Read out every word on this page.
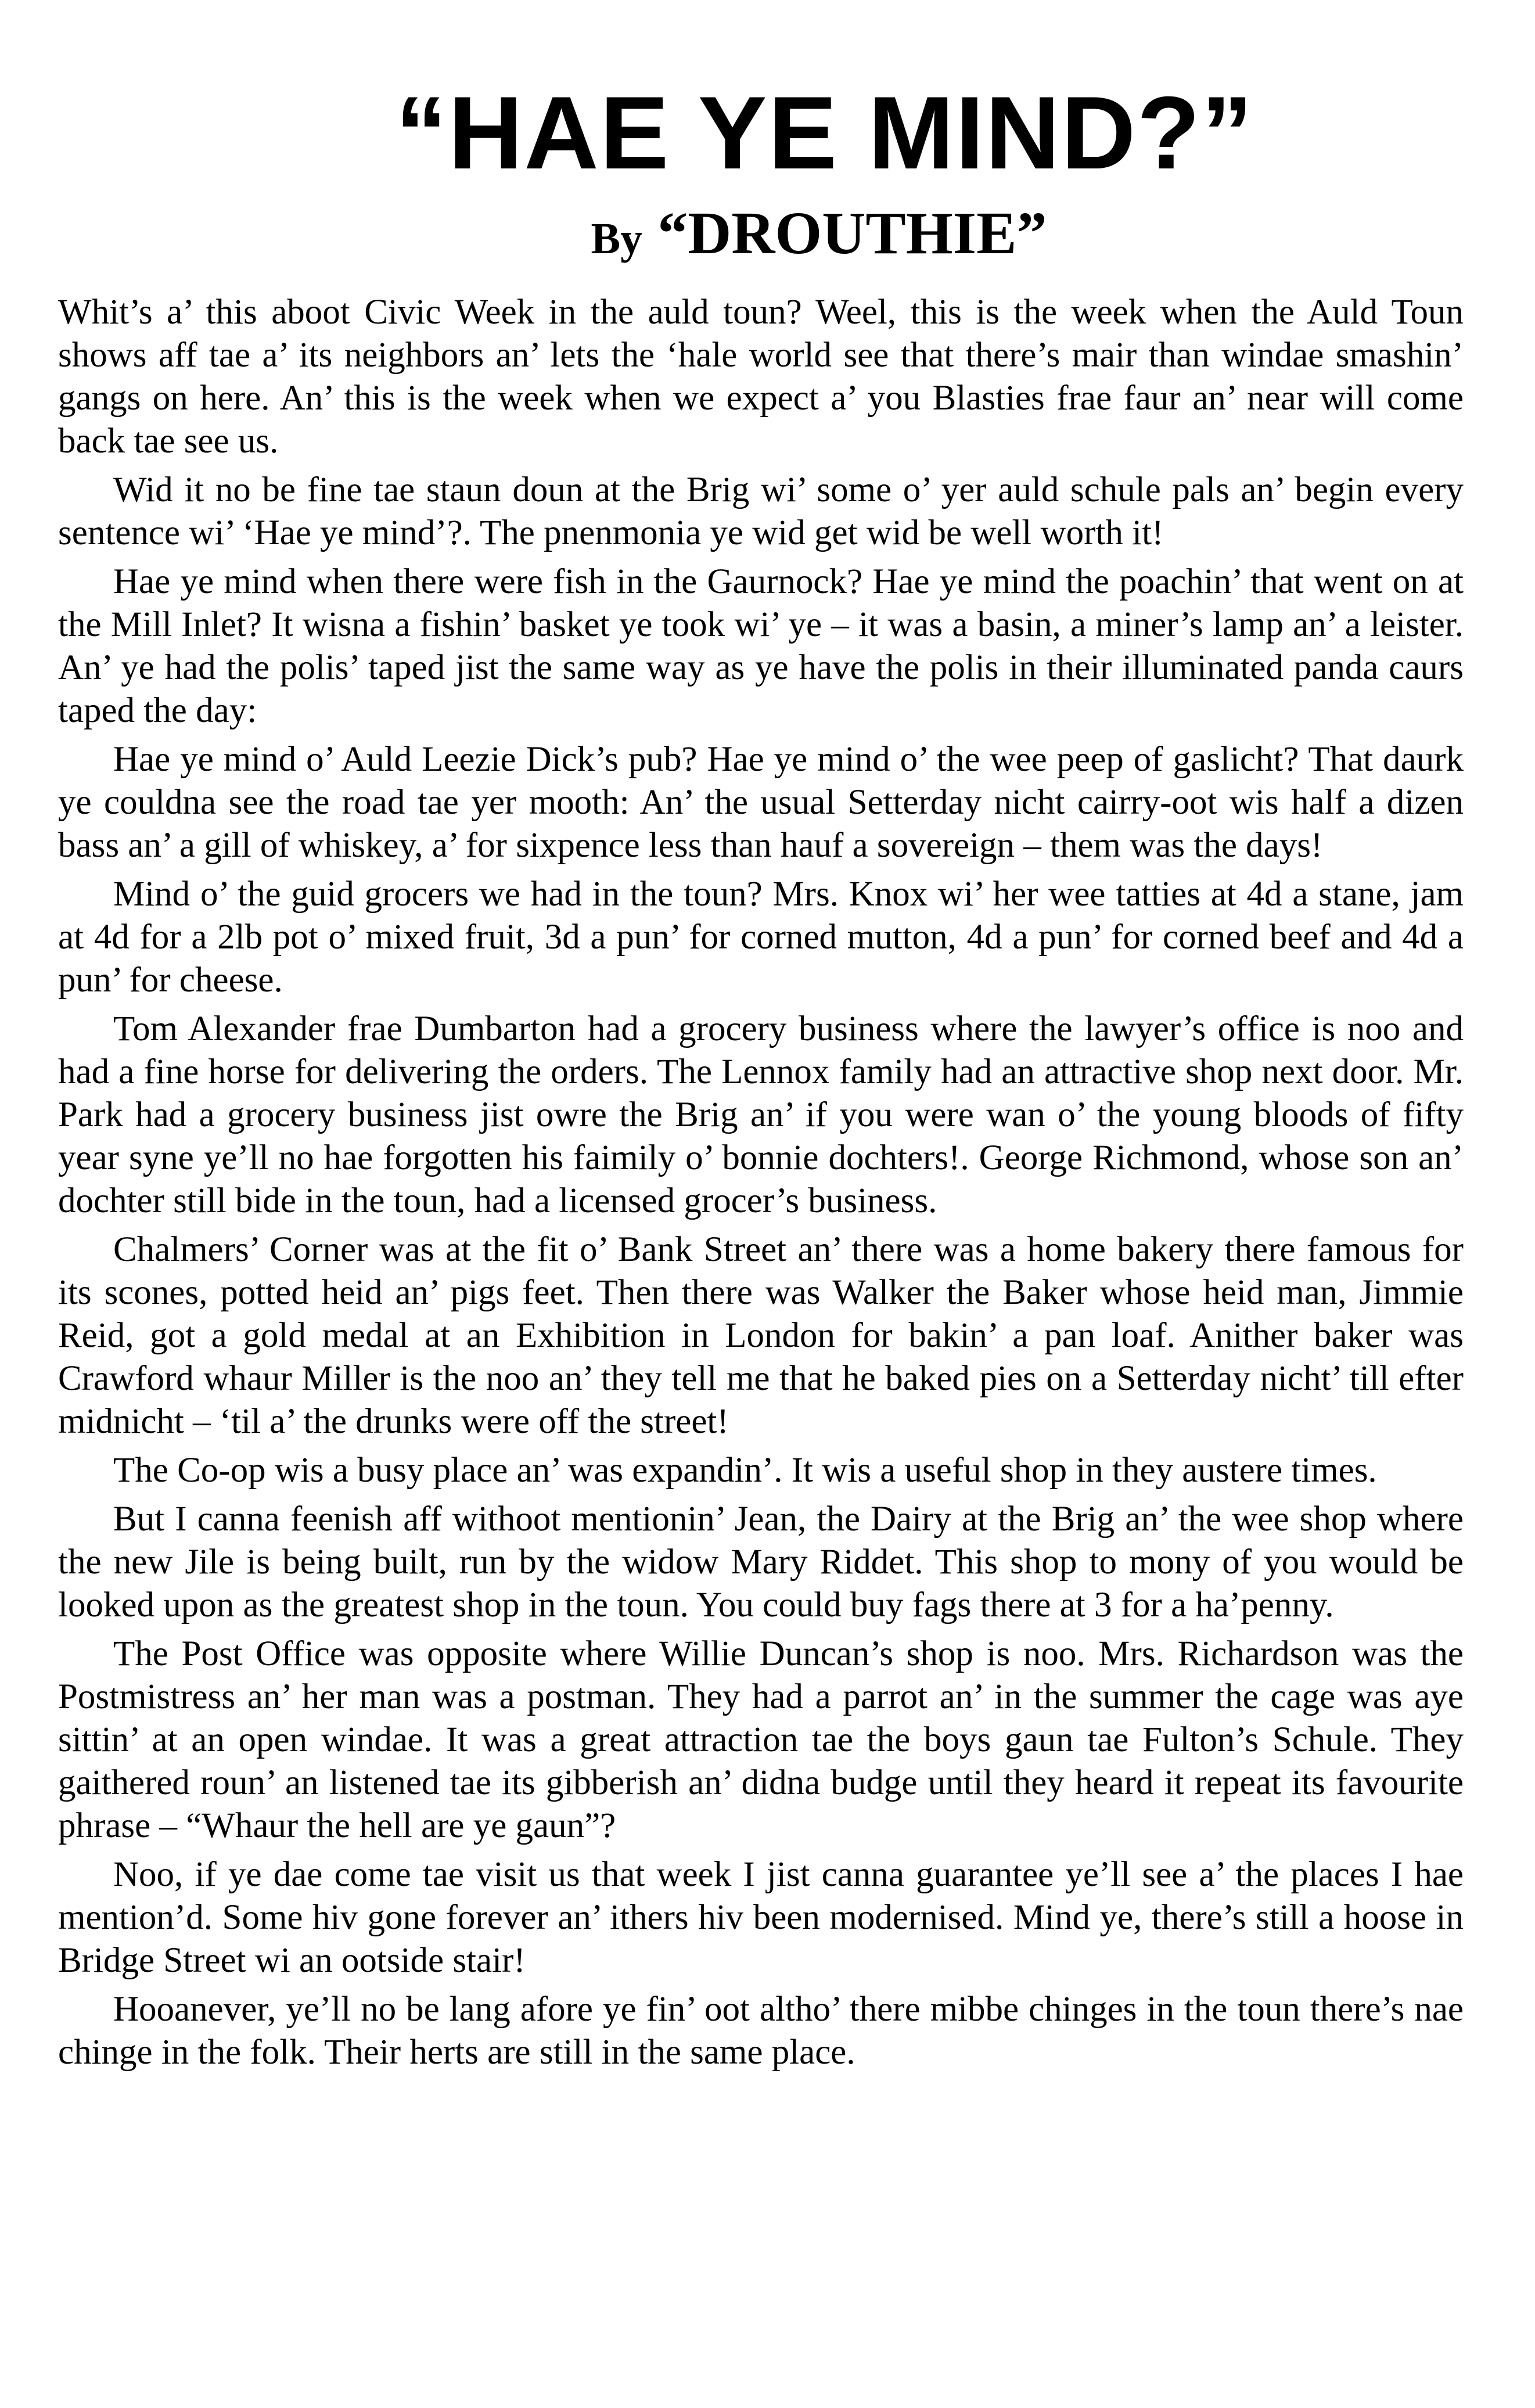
“HAE YE MIND?”
By “DROUTHIE”

Whit’s a’ this aboot Civic Week in the auld toun? Weel, this is the week when the Auld Toun shows aff tae a’ its neighbors an’ lets the ‘hale world see that there’s mair than windae smashin’ gangs on here. An’ this is the week when we expect a’ you Blasties frae faur an’ near will come back tae see us.

Wid it no be fine tae staun doun at the Brig wi’ some o’ yer auld schule pals an’ begin every sentence wi’ ‘Hae ye mind’?. The pnenmonia ye wid get wid be well worth it!

Hae ye mind when there were fish in the Gaurnock? Hae ye mind the poachin’ that went on at the Mill Inlet? It wisna a fishin’ basket ye took wi’ ye – it was a basin, a miner’s lamp an’ a leister. An’ ye had the polis’ taped jist the same way as ye have the polis in their illuminated panda caurs taped the day:

Hae ye mind o’ Auld Leezie Dick’s pub? Hae ye mind o’ the wee peep of gaslicht? That daurk ye couldna see the road tae yer mooth: An’ the usual Setterday nicht cairry-oot wis half a dizen bass an’ a gill of whiskey, a’ for sixpence less than hauf a sovereign – them was the days!

Mind o’ the guid grocers we had in the toun? Mrs. Knox wi’ her wee tatties at 4d a stane, jam at 4d for a 2lb pot o’ mixed fruit, 3d a pun’ for corned mutton, 4d a pun’ for corned beef and 4d a pun’ for cheese.

Tom Alexander frae Dumbarton had a grocery business where the lawyer’s office is noo and had a fine horse for delivering the orders. The Lennox family had an attractive shop next door. Mr. Park had a grocery business jist owre the Brig an’ if you were wan o’ the young bloods of fifty year syne ye’ll no hae forgotten his faimily o’ bonnie dochters!. George Richmond, whose son an’ dochter still bide in the toun, had a licensed grocer’s business.

Chalmers’ Corner was at the fit o’ Bank Street an’ there was a home bakery there famous for its scones, potted heid an’ pigs feet. Then there was Walker the Baker whose heid man, Jimmie Reid, got a gold medal at an Exhibition in London for bakin’ a pan loaf. Anither baker was Crawford whaur Miller is the noo an’ they tell me that he baked pies on a Setterday nicht’ till efter midnicht – ‘til a’ the drunks were off the street!

The Co-op wis a busy place an’ was expandin’. It wis a useful shop in they austere times.

But I canna feenish aff withoot mentionin’ Jean, the Dairy at the Brig an’ the wee shop where the new Jile is being built, run by the widow Mary Riddet. This shop to mony of you would be looked upon as the greatest shop in the toun. You could buy fags there at 3 for a ha’penny.

The Post Office was opposite where Willie Duncan’s shop is noo. Mrs. Richardson was the Postmistress an’ her man was a postman. They had a parrot an’ in the summer the cage was aye sittin’ at an open windae. It was a great attraction tae the boys gaun tae Fulton’s Schule. They gaithered roun’ an listened tae its gibberish an’ didna budge until they heard it repeat its favourite phrase – “Whaur the hell are ye gaun”?

Noo, if ye dae come tae visit us that week I jist canna guarantee ye’ll see a’ the places I hae mention’d. Some hiv gone forever an’ ithers hiv been modernised. Mind ye, there’s still a hoose in Bridge Street wi an ootside stair!

Hooanever, ye’ll no be lang afore ye fin’ oot altho’ there mibbe chinges in the toun there’s nae chinge in the folk. Their herts are still in the same place.
